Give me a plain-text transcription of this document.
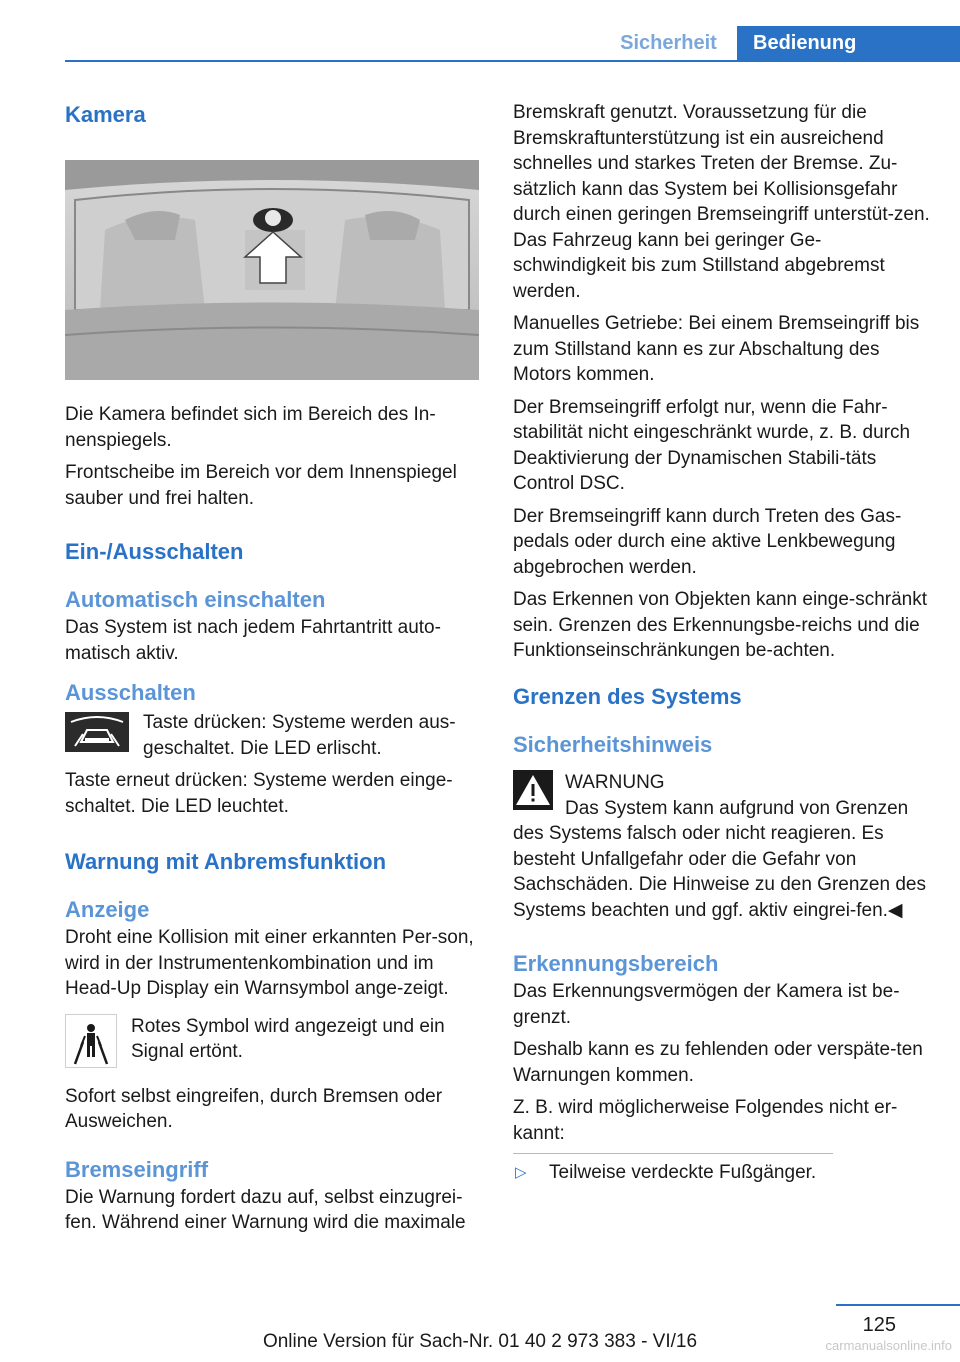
Sicherheit	Bedienung
Kamera

Die Kamera befindet sich im Bereich des In-nenspiegels.

Frontscheibe im Bereich vor dem Innenspiegel sauber und frei halten.

Ein-/Ausschalten
Automatisch einschalten

Das System ist nach jedem Fahrtantritt auto-matisch aktiv.

Ausschalten

Taste drücken: Systeme werden aus-geschaltet. Die LED erlischt.

Taste erneut drücken: Systeme werden einge-schaltet. Die LED leuchtet.

Warnung mit Anbremsfunktion
Anzeige

Droht eine Kollision mit einer erkannten Per-son, wird in der Instrumentenkombination und im Head-Up Display ein Warnsymbol ange-zeigt.

Rotes Symbol wird angezeigt und ein Signal ertönt.

Sofort selbst eingreifen, durch Bremsen oder Ausweichen.

Bremseingriff

Die Warnung fordert dazu auf, selbst einzugrei-fen. Während einer Warnung wird die maximale

Bremskraft genutzt. Voraussetzung für die Bremskraftunterstützung ist ein ausreichend schnelles und starkes Treten der Bremse. Zu-sätzlich kann das System bei Kollisionsgefahr durch einen geringen Bremseingriff unterstüt-zen. Das Fahrzeug kann bei geringer Ge-schwindigkeit bis zum Stillstand abgebremst werden.

Manuelles Getriebe: Bei einem Bremseingriff bis zum Stillstand kann es zur Abschaltung des Motors kommen.

Der Bremseingriff erfolgt nur, wenn die Fahr-stabilität nicht eingeschränkt wurde, z. B. durch Deaktivierung der Dynamischen Stabili-täts Control DSC.

Der Bremseingriff kann durch Treten des Gas-pedals oder durch eine aktive Lenkbewegung abgebrochen werden.

Das Erkennen von Objekten kann einge-schränkt sein. Grenzen des Erkennungsbe-reichs und die Funktionseinschränkungen be-achten.

Grenzen des Systems
Sicherheitshinweis
WARNUNG

Das System kann aufgrund von Grenzen des Systems falsch oder nicht reagieren. Es besteht Unfallgefahr oder die Gefahr von Sachschäden. Die Hinweise zu den Grenzen des Systems beachten und ggf. aktiv eingrei-fen.◀

Erkennungsbereich

Das Erkennungsvermögen der Kamera ist be-grenzt.

Deshalb kann es zu fehlenden oder verspäte-ten Warnungen kommen.

Z. B. wird möglicherweise Folgendes nicht er-kannt:

▷	Teilweise verdeckte Fußgänger.
125
Online Version für Sach-Nr. 01 40 2 973 383 - VI/16	carmanualsonline.info
